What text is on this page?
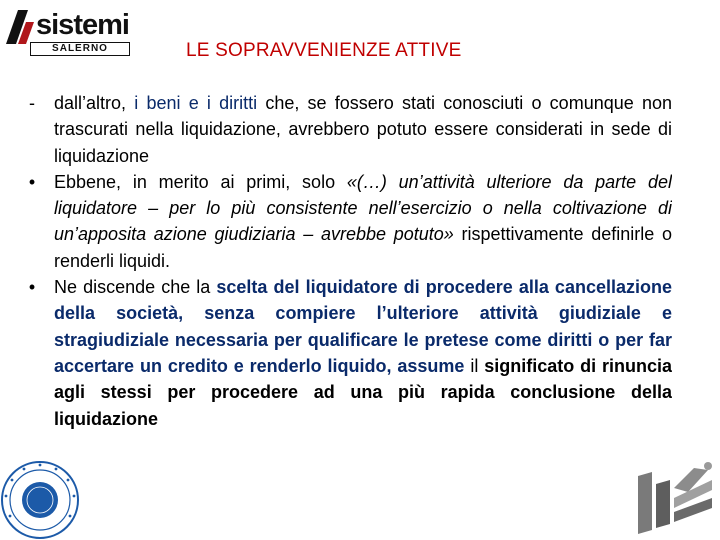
sistemi
SALERNO	LE SOPRAVVENIENZE ATTIVE
-	dall’altro, i beni e i diritti che, se fossero stati conosciuti o comunque non trascurati nella liquidazione, avrebbero potuto essere considerati in sede di liquidazione
•	Ebbene, in merito ai primi, solo «(…) un’attività ulteriore da parte del liquidatore – per lo più consistente nell’esercizio o nella coltivazione di un’apposita azione giudiziaria – avrebbe potuto» rispettivamente definirle o renderli liquidi.
•	Ne discende che la scelta del liquidatore di procedere alla cancellazione della società, senza compiere l’ulteriore attività giudiziale e stragiudiziale necessaria per qualificare le pretese come diritti o per far accertare un credito e renderlo liquido, assume il significato di rinuncia agli stessi per procedere ad una più rapida conclusione della liquidazione
